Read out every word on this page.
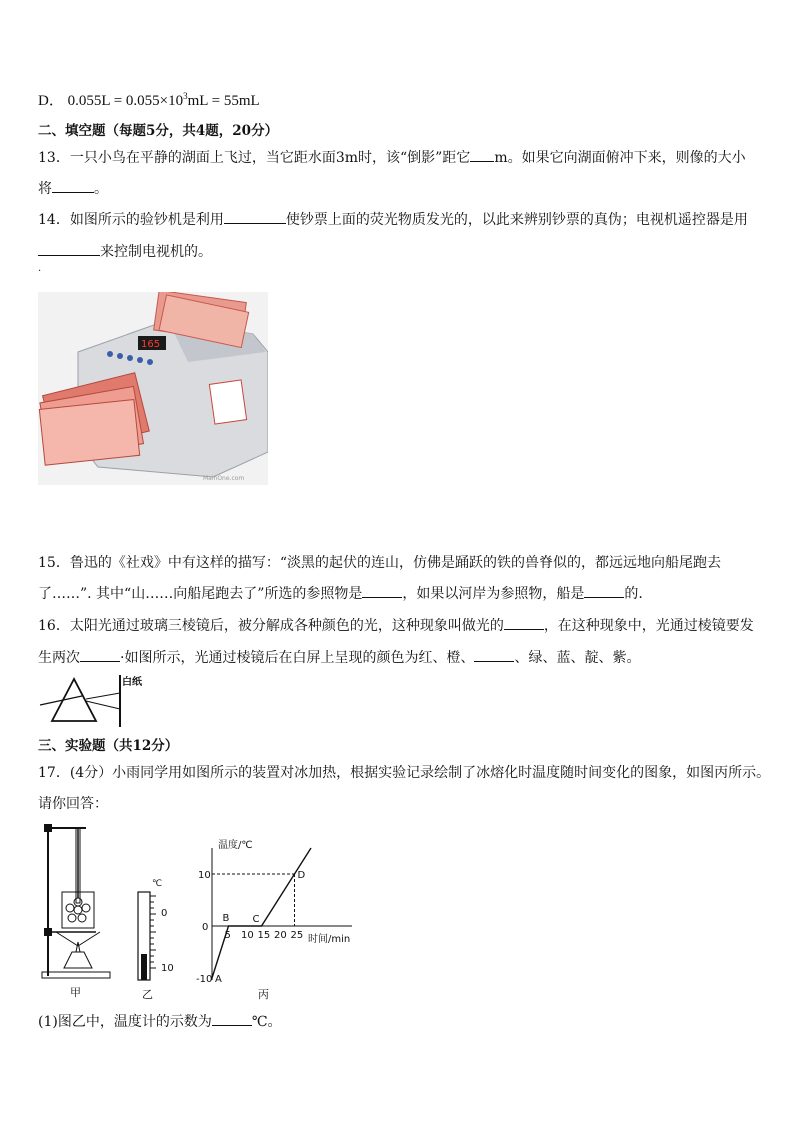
D． $0.055L = 0.055\times 10^3mL = 55mL$
二、填空题（每题5分，共4题，20分）
13．一只小鸟在平静的湖面上飞过，当它距水面3m时，该“倒影”距它 m。如果它向湖面俯冲下来，则像的大小
将	。
14．如图所示的验钞机是利用	使钞票上面的荧光物质发光的，以此来辨别钞票的真伪；电视机遥控器是用
来控制电视机的。
.
165
MainOne.com
15．鲁迅的《社戏》中有这样的描写：“淡黑的起伏的连山，仿佛是踊跃的铁的兽脊似的，都远远地向船尾跑去
了……”. 其中“山……向船尾跑去了”所选的参照物是	，如果以河岸为参照物，船是	的.
16．太阳光通过玻璃三棱镜后，被分解成各种颜色的光，这种现象叫做光的	，在这种现象中，光通过棱镜要发
生两次	·如图所示，光通过棱镜后在白屏上呈现的颜色为红、橙、	、绿、蓝、靛、紫。
白纸
三、实验题（共12分）
17．(4分）小雨同学用如图所示的装置对冰加热，根据实验记录绘制了冰熔化时温度随时间变化的图象，如图丙所示。
请你回答：
甲
℃
0
10
乙
温度/℃
时间/min
0
丙
5 10 15 20 25
10
-10 A
B C
D
(1)图乙中，温度计的示数为	℃。
